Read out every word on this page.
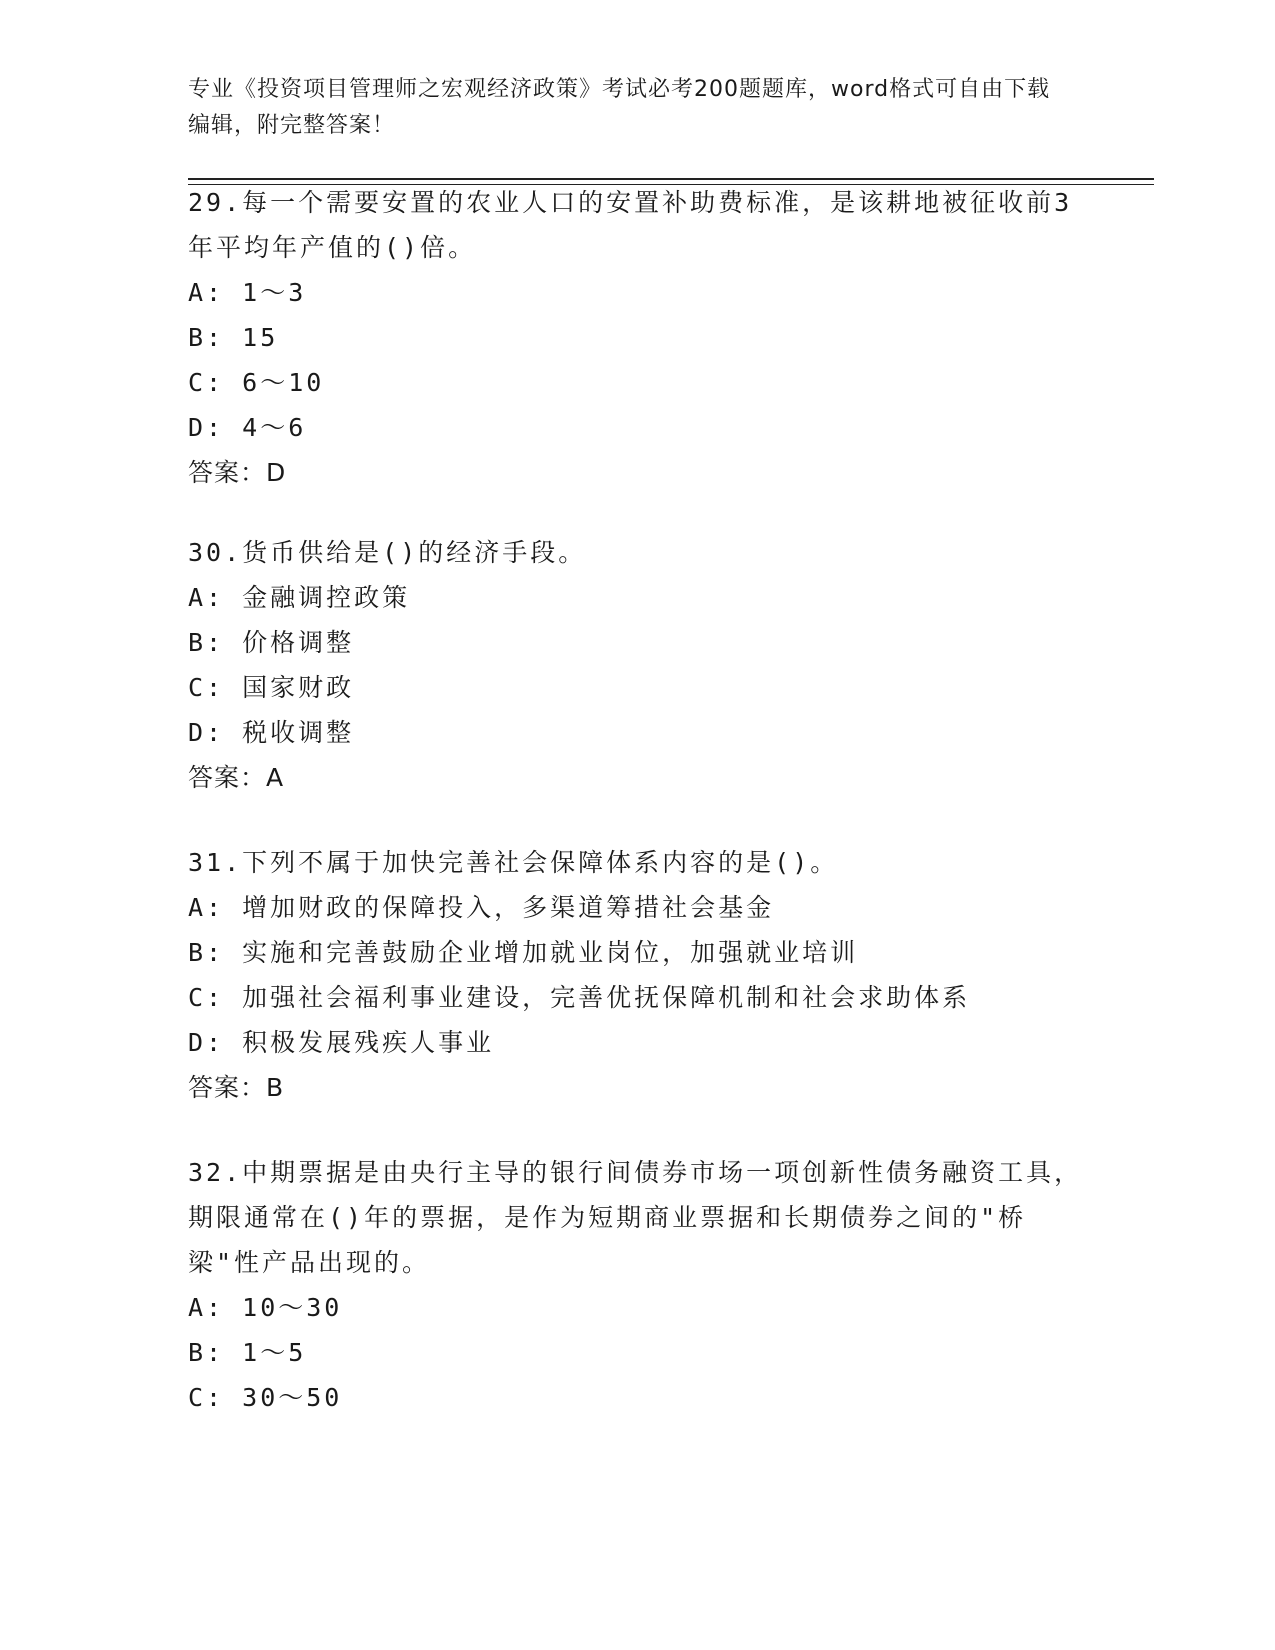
专业《投资项目管理师之宏观经济政策》考试必考200题题库，word格式可自由下载编辑，附完整答案！

29.每一个需要安置的农业人口的安置补助费标准，是该耕地被征收前3年平均年产值的()倍。

A: 1～3

B: 15

C: 6～10

D: 4～6

答案：D

30.货币供给是()的经济手段。

A: 金融调控政策

B: 价格调整

C: 国家财政

D: 税收调整

答案：A

31.下列不属于加快完善社会保障体系内容的是()。

A: 增加财政的保障投入，多渠道筹措社会基金

B: 实施和完善鼓励企业增加就业岗位，加强就业培训

C: 加强社会福利事业建设，完善优抚保障机制和社会求助体系

D: 积极发展残疾人事业

答案：B

32.中期票据是由央行主导的银行间债券市场一项创新性债务融资工具，期限通常在()年的票据，是作为短期商业票据和长期债券之间的"桥梁"性产品出现的。

A: 10～30

B: 1～5

C: 30～50
